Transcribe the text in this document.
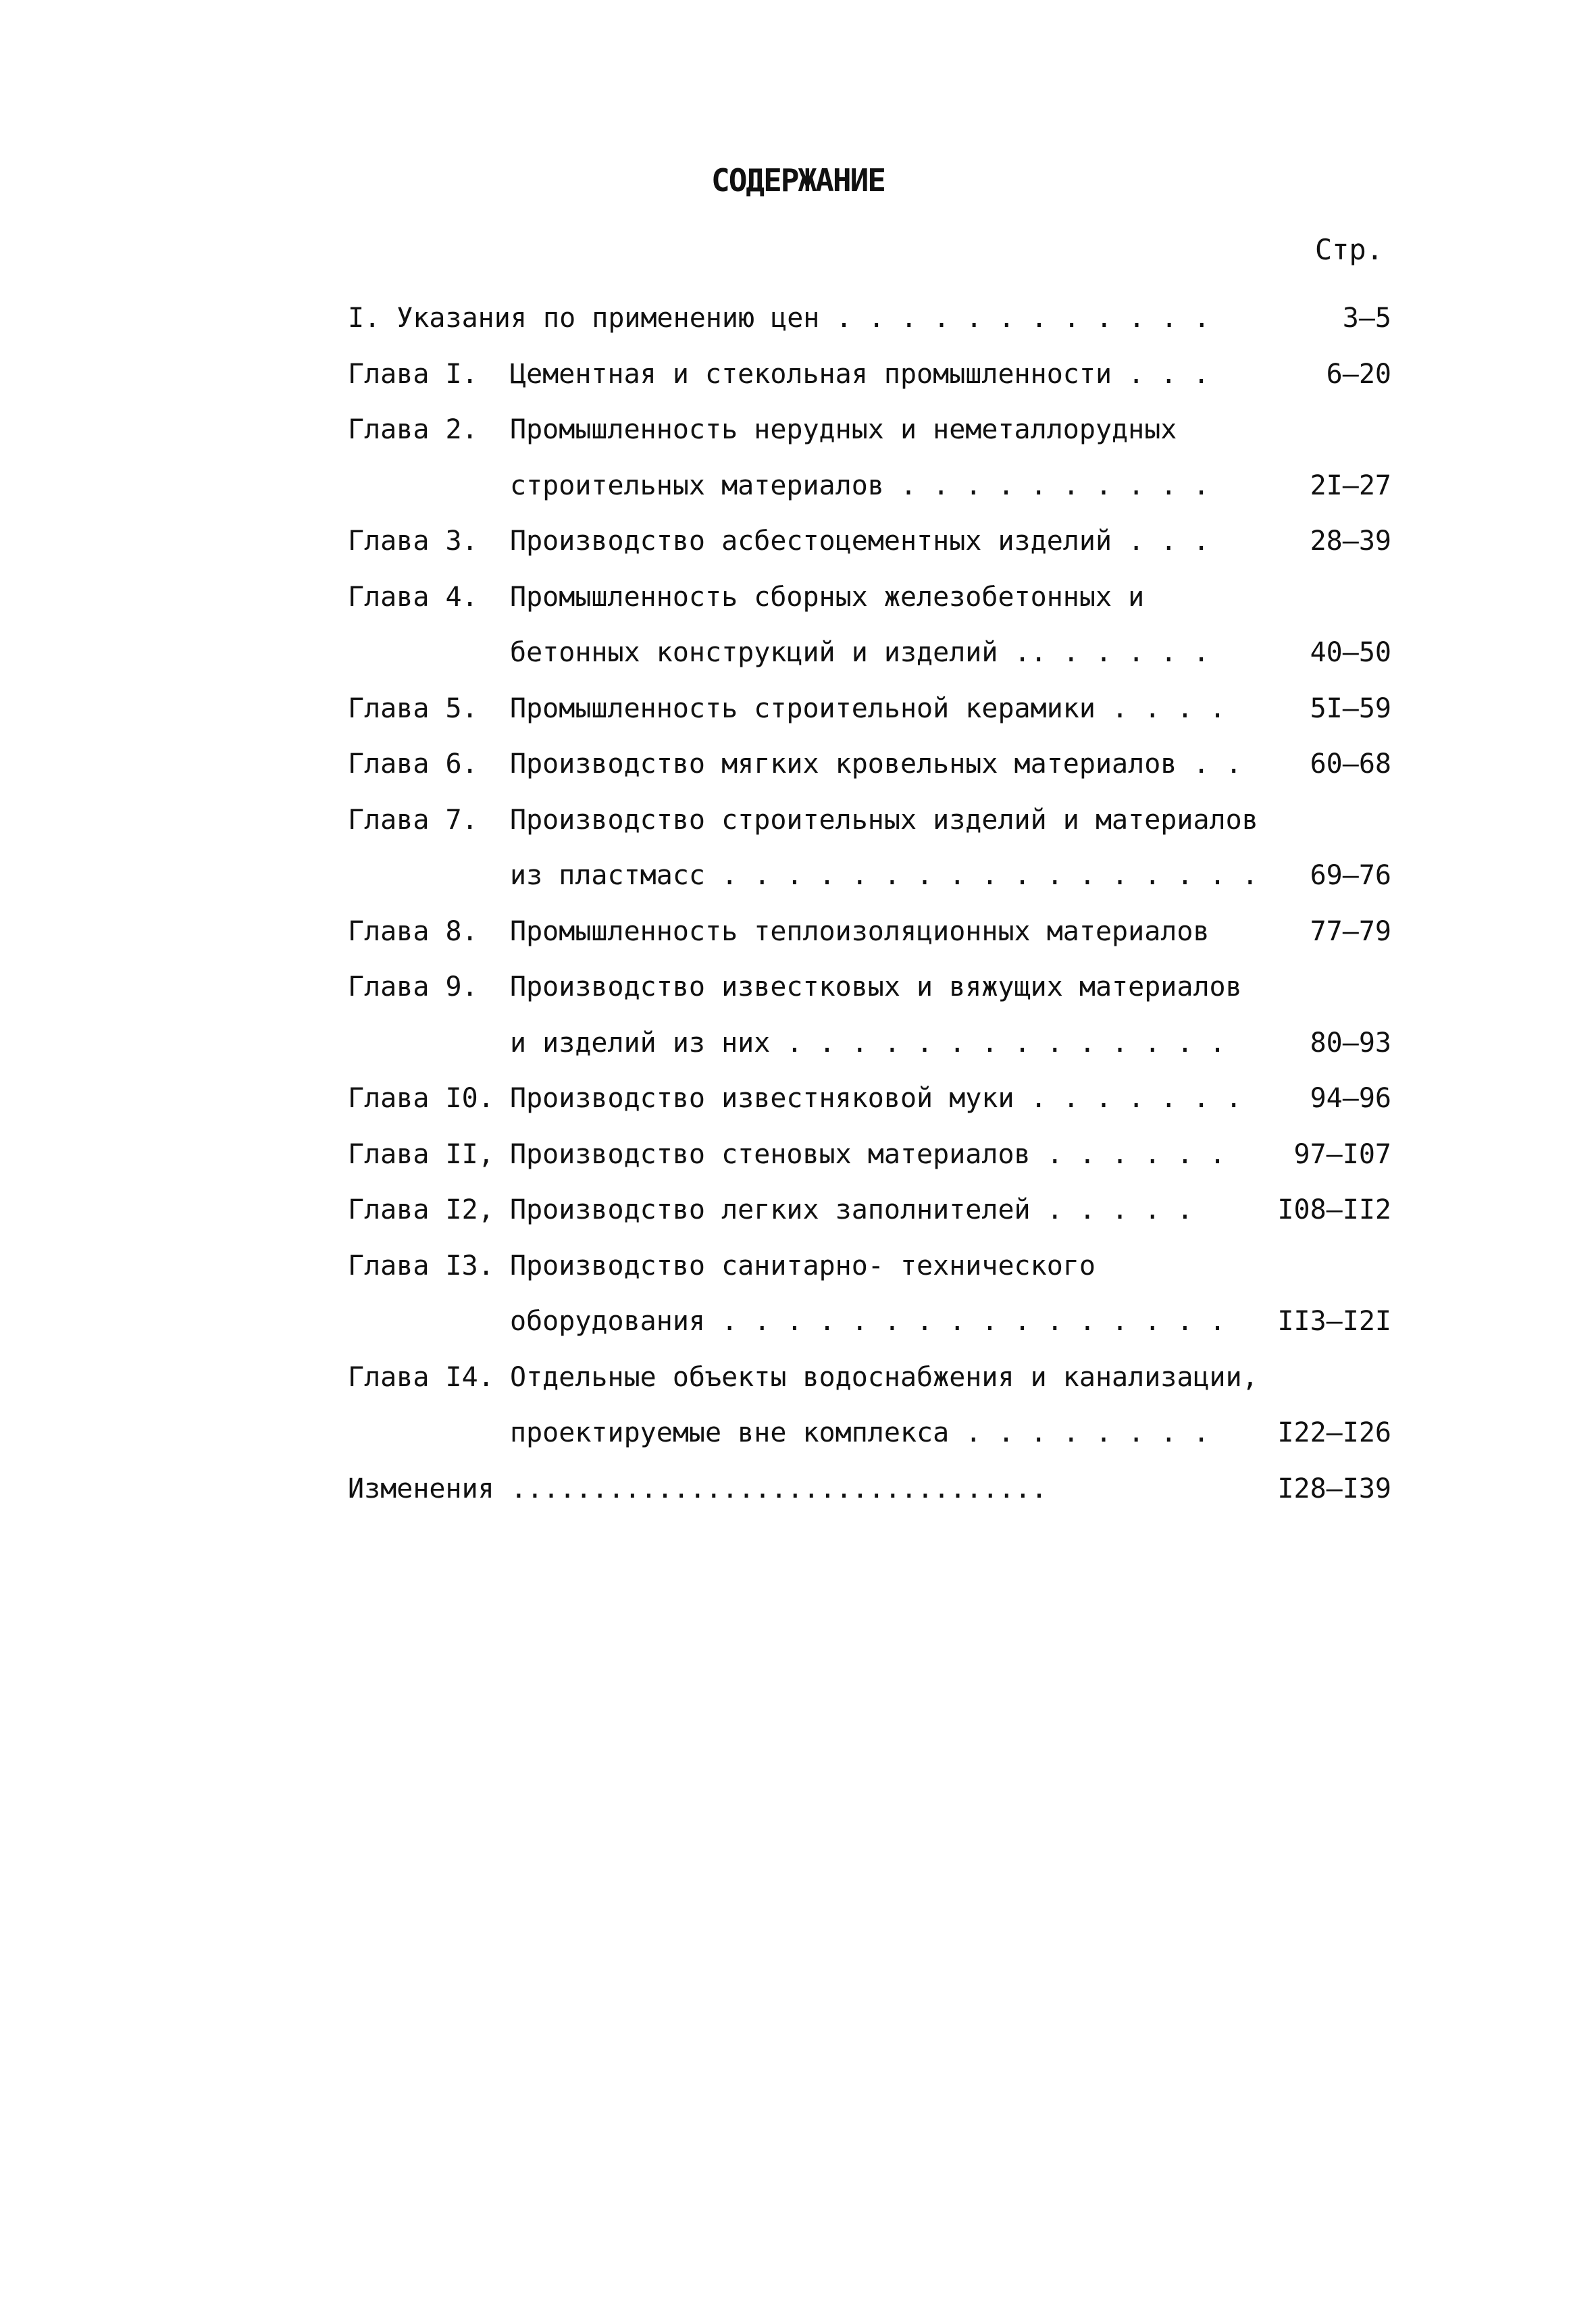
СОДЕРЖАНИЕ
Стр.
I. Указания по применению цен . . . . . . . . . . . .	3–5
Глава I. Цементная и стекольная промышленности . . .	6–20
Глава 2. Промышленность нерудных и неметаллорудных
строительных материалов . . . . . . . . . .	2I–27
Глава 3. Производство асбестоцементных изделий . . .	28–39
Глава 4. Промышленность сборных железобетонных и
бетонных конструкций и изделий .. . . . . .	40–50
Глава 5. Промышленность строительной керамики . . . .	5I–59
Глава 6. Производство мягких кровельных материалов . .	60–68
Глава 7. Производство строительных изделий и материалов
из пластмасс . . . . . . . . . . . . . . . . . 69–76
Глава 8. Промышленность теплоизоляционных материалов	77–79
Глава 9. Производство известковых и вяжущих материалов
и изделий из них . . . . . . . . . . . . . .	80–93
Глава I0. Производство известняковой муки . . . . . . .	94–96
Глава II, Производство стеновых материалов . . . . . .	97–I07
Глава I2, Производство легких заполнителей . . . . .	I08–II2
Глава I3. Производство санитарно- технического
оборудования . . . . . . . . . . . . . . . . II3–I2I
Глава I4. Отдельные объекты водоснабжения и канализации,
проектируемые вне комплекса . . . . . . . .	I22–I26
Изменения .................................	I28–I39
